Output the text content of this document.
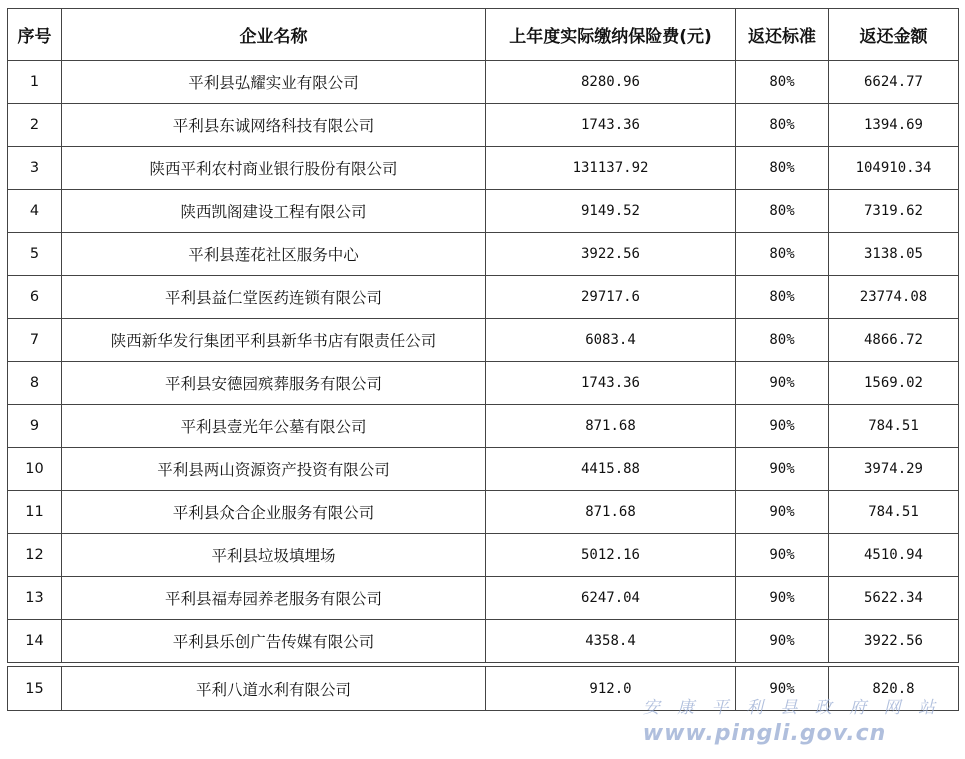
序号	企业名称	上年度实际缴纳保险费(元)	返还标准	返还金额
1	平利县弘耀实业有限公司	8280.96	80%	6624.77
2	平利县东诚网络科技有限公司	1743.36	80%	1394.69
3	陕西平利农村商业银行股份有限公司	131137.92	80%	104910.34
4	陕西凯阁建设工程有限公司	9149.52	80%	7319.62
5	平利县莲花社区服务中心	3922.56	80%	3138.05
6	平利县益仁堂医药连锁有限公司	29717.6	80%	23774.08
7	陕西新华发行集团平利县新华书店有限责任公司	6083.4	80%	4866.72
8	平利县安德园殡葬服务有限公司	1743.36	90%	1569.02
9	平利县壹光年公墓有限公司	871.68	90%	784.51
10	平利县两山资源资产投资有限公司	4415.88	90%	3974.29
11	平利县众合企业服务有限公司	871.68	90%	784.51
12	平利县垃圾填埋场	5012.16	90%	4510.94
13	平利县福寿园养老服务有限公司	6247.04	90%	5622.34
14	平利县乐创广告传媒有限公司	4358.4	90%	3922.56
15	平利八道水利有限公司	912.0	90%	820.8
安 康 平 利 县 政 府 网 站
www.pingli.gov.cn
